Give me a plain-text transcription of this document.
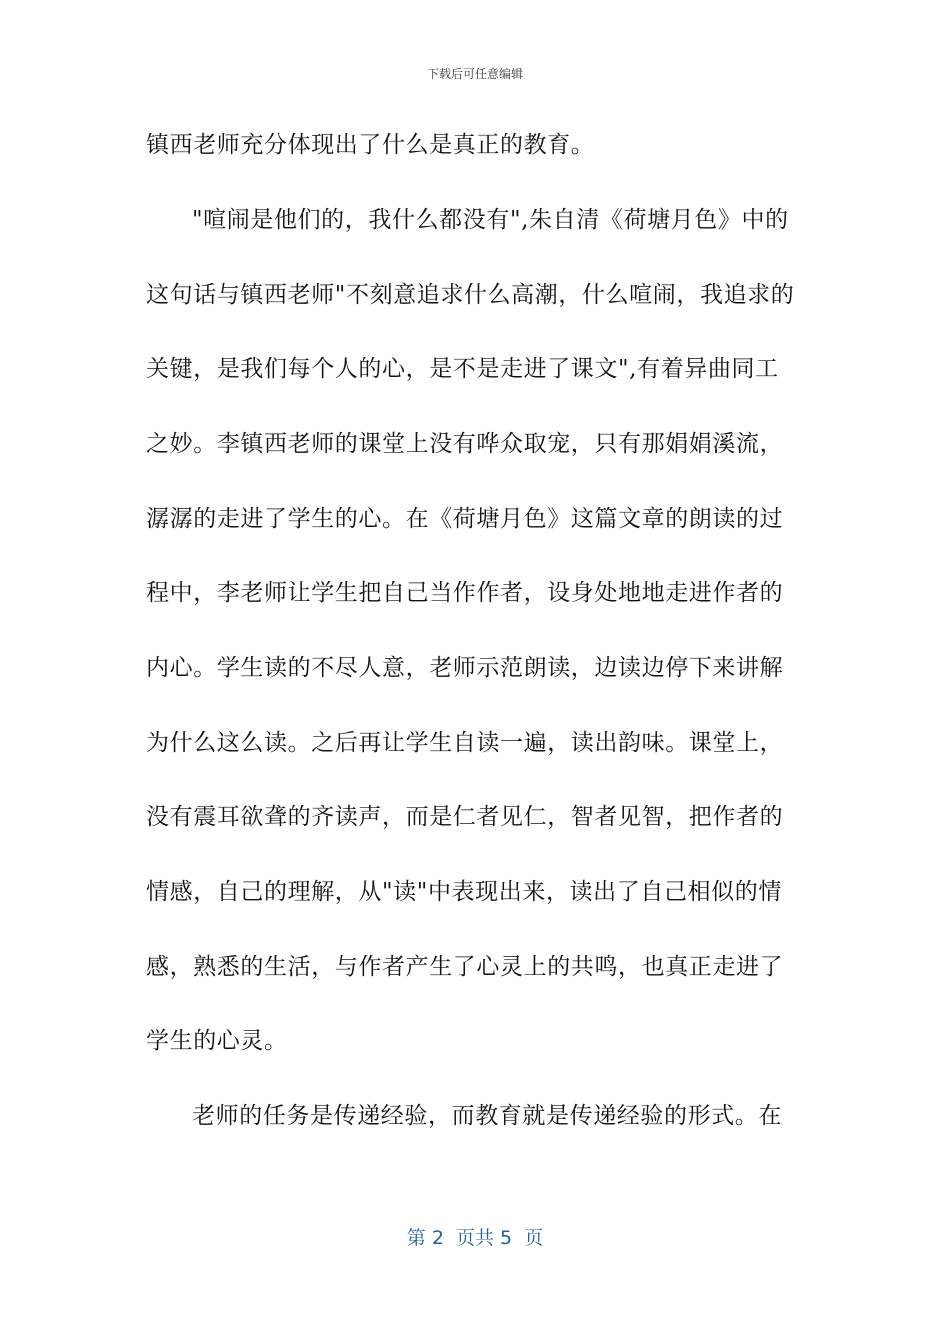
下载后可任意编辑
镇西老师充分体现出了什么是真正的教育。
"喧闹是他们的，我什么都没有",朱自清《荷塘月色》中的
这句话与镇西老师"不刻意追求什么高潮，什么喧闹，我追求的
关键，是我们每个人的心，是不是走进了课文",有着异曲同工
之妙。李镇西老师的课堂上没有哗众取宠，只有那娟娟溪流，
潺潺的走进了学生的心。在《荷塘月色》这篇文章的朗读的过
程中，李老师让学生把自己当作作者，设身处地地走进作者的
内心。学生读的不尽人意，老师示范朗读，边读边停下来讲解
为什么这么读。之后再让学生自读一遍，读出韵味。课堂上，
没有震耳欲聋的齐读声，而是仁者见仁，智者见智，把作者的
情感，自己的理解，从"读"中表现出来，读出了自己相似的情
感，熟悉的生活，与作者产生了心灵上的共鸣，也真正走进了
学生的心灵。
老师的任务是传递经验，而教育就是传递经验的形式。在
第 2  页共 5  页
